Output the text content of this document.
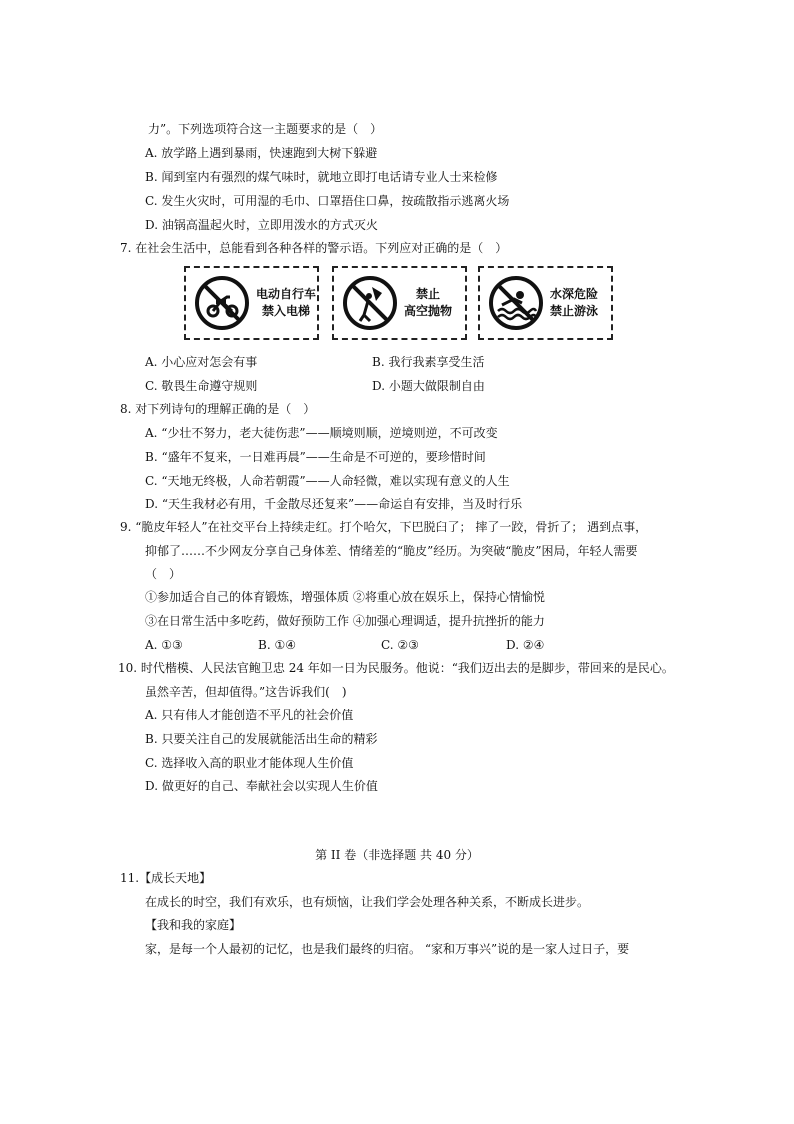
力”。下列选项符合这一主题要求的是（　）
A. 放学路上遇到暴雨，快速跑到大树下躲避
B. 闻到室内有强烈的煤气味时，就地立即打电话请专业人士来检修
C. 发生火灾时，可用湿的毛巾、口罩捂住口鼻，按疏散指示逃离火场
D. 油锅高温起火时，立即用泼水的方式灭火
7. 在社会生活中，总能看到各种各样的警示语。下列应对正确的是（　）
电动自行车
禁入电梯
禁止
高空抛物
水深危险
禁止游泳
A. 小心应对怎会有事	B. 我行我素享受生活
C. 敬畏生命遵守规则	D. 小题大做限制自由
8. 对下列诗句的理解正确的是（　）
A. “少壮不努力，老大徒伤悲”——顺境则顺，逆境则逆，不可改变
B. “盛年不复来，一日难再晨”——生命是不可逆的，要珍惜时间
C. “天地无终极，人命若朝霞”——人命轻微，难以实现有意义的人生
D. “天生我材必有用，千金散尽还复来”——命运自有安排，当及时行乐
9. “脆皮年轻人”在社交平台上持续走红。打个哈欠，下巴脱臼了； 摔了一跤，骨折了； 遇到点事，
抑郁了……不少网友分享自己身体差、情绪差的“脆皮”经历。为突破“脆皮”困局，年轻人需要
（　）
①参加适合自己的体育锻炼，增强体质 ②将重心放在娱乐上，保持心情愉悦
③在日常生活中多吃药，做好预防工作 ④加强心理调适，提升抗挫折的能力
A. ①③	B. ①④	C. ②③	D. ②④
10. 时代楷模、人民法官鲍卫忠 24 年如一日为民服务。他说：“我们迈出去的是脚步，带回来的是民心。
虽然辛苦，但却值得。”这告诉我们(　)
A. 只有伟人才能创造不平凡的社会价值
B. 只要关注自己的发展就能活出生命的精彩
C. 选择收入高的职业才能体现人生价值
D. 做更好的自己、奉献社会以实现人生价值
第 II 卷（非选择题 共 40 分）
11.【成长天地】
在成长的时空，我们有欢乐，也有烦恼，让我们学会处理各种关系，不断成长进步。
【我和我的家庭】
家，是每一个人最初的记忆，也是我们最终的归宿。 “家和万事兴”说的是一家人过日子，要
